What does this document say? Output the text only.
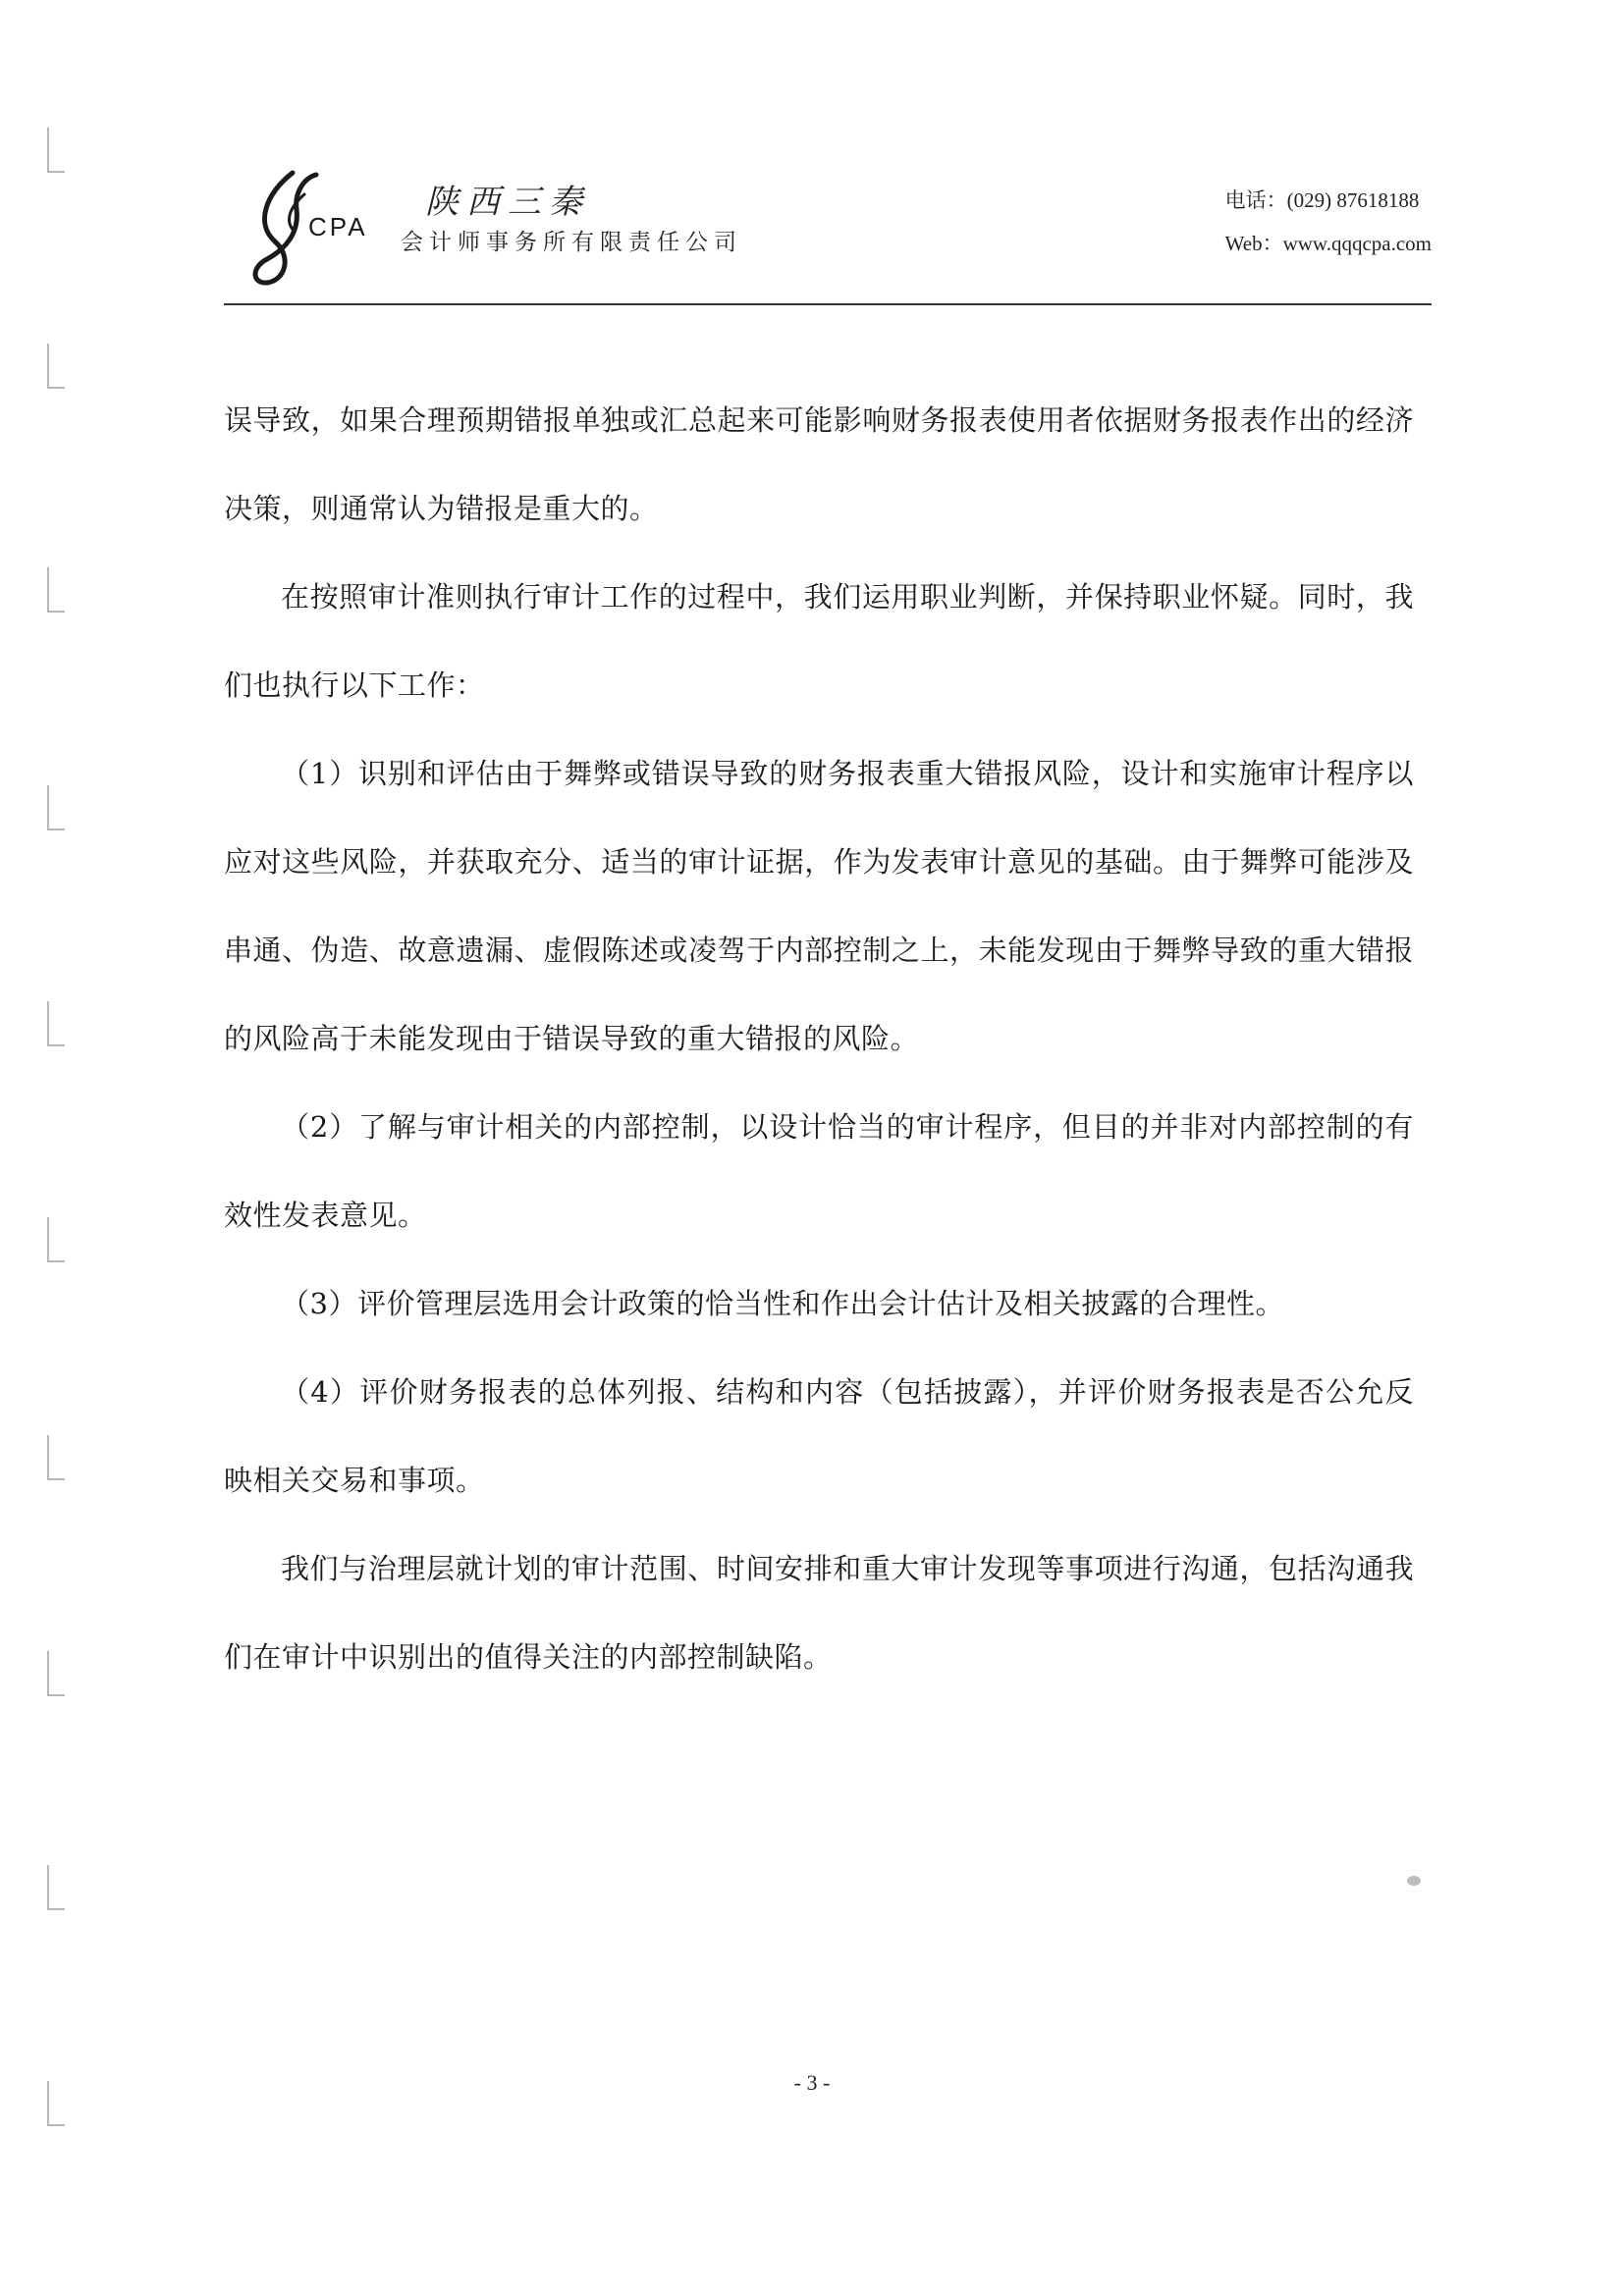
CPA
陕西三秦
会计师事务所有限责任公司
电话：(029) 87618188
Web：www.qqqcpa.com

误导致，如果合理预期错报单独或汇总起来可能影响财务报表使用者依据财务报表作出的经济决策，则通常认为错报是重大的。

在按照审计准则执行审计工作的过程中，我们运用职业判断，并保持职业怀疑。同时，我们也执行以下工作：

（1）识别和评估由于舞弊或错误导致的财务报表重大错报风险，设计和实施审计程序以应对这些风险，并获取充分、适当的审计证据，作为发表审计意见的基础。由于舞弊可能涉及串通、伪造、故意遗漏、虚假陈述或凌驾于内部控制之上，未能发现由于舞弊导致的重大错报的风险高于未能发现由于错误导致的重大错报的风险。

（2）了解与审计相关的内部控制，以设计恰当的审计程序，但目的并非对内部控制的有效性发表意见。

（3）评价管理层选用会计政策的恰当性和作出会计估计及相关披露的合理性。

（4）评价财务报表的总体列报、结构和内容（包括披露），并评价财务报表是否公允反映相关交易和事项。

我们与治理层就计划的审计范围、时间安排和重大审计发现等事项进行沟通，包括沟通我们在审计中识别出的值得关注的内部控制缺陷。

- 3 -
